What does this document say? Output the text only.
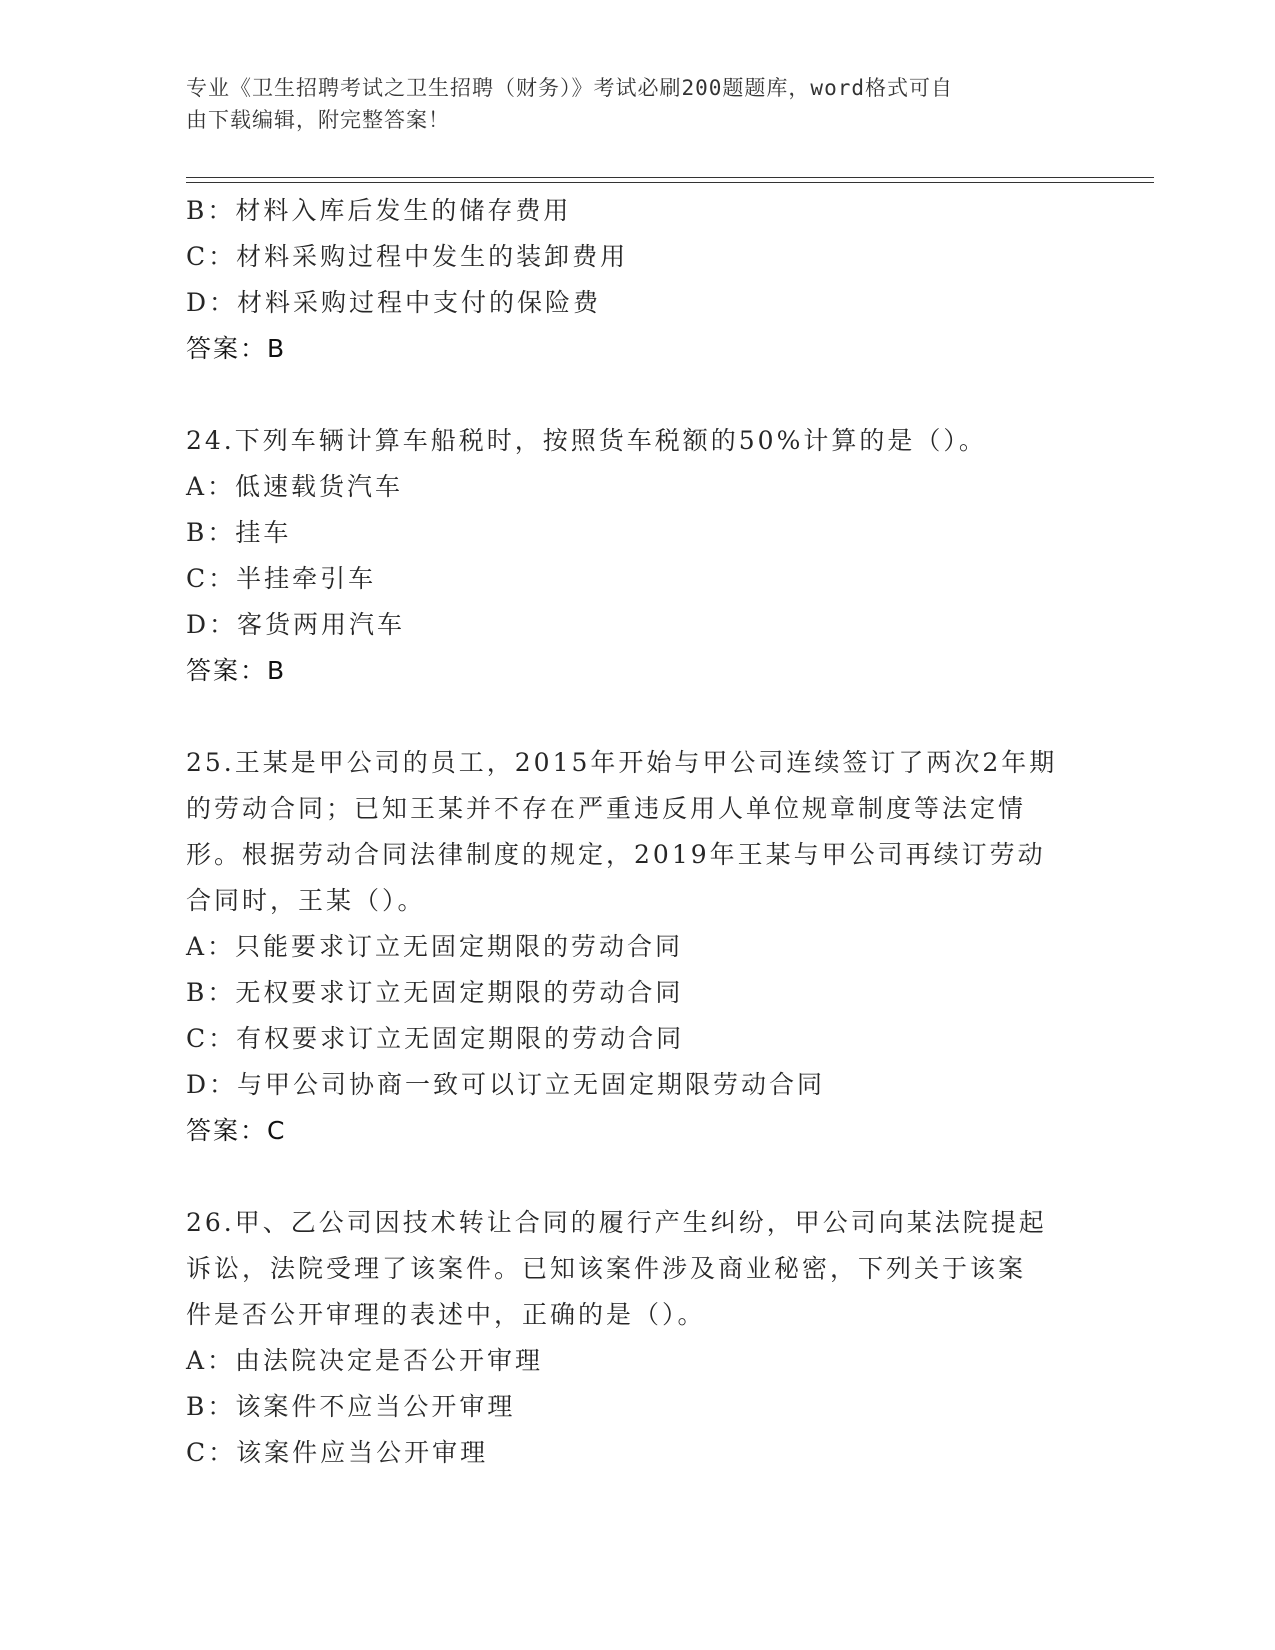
专业《卫生招聘考试之卫生招聘（财务）》考试必刷200题题库，word格式可自
由下载编辑，附完整答案！
B：材料入库后发生的储存费用
C：材料采购过程中发生的装卸费用
D：材料采购过程中支付的保险费
答案：B
24.下列车辆计算车船税时，按照货车税额的50%计算的是（）。
A：低速载货汽车
B：挂车
C：半挂牵引车
D：客货两用汽车
答案：B
25.王某是甲公司的员工，2015年开始与甲公司连续签订了两次2年期
的劳动合同；已知王某并不存在严重违反用人单位规章制度等法定情
形。根据劳动合同法律制度的规定，2019年王某与甲公司再续订劳动
合同时，王某（）。
A：只能要求订立无固定期限的劳动合同
B：无权要求订立无固定期限的劳动合同
C：有权要求订立无固定期限的劳动合同
D：与甲公司协商一致可以订立无固定期限劳动合同
答案：C
26.甲、乙公司因技术转让合同的履行产生纠纷，甲公司向某法院提起
诉讼，法院受理了该案件。已知该案件涉及商业秘密，下列关于该案
件是否公开审理的表述中，正确的是（）。
A：由法院决定是否公开审理
B：该案件不应当公开审理
C：该案件应当公开审理
